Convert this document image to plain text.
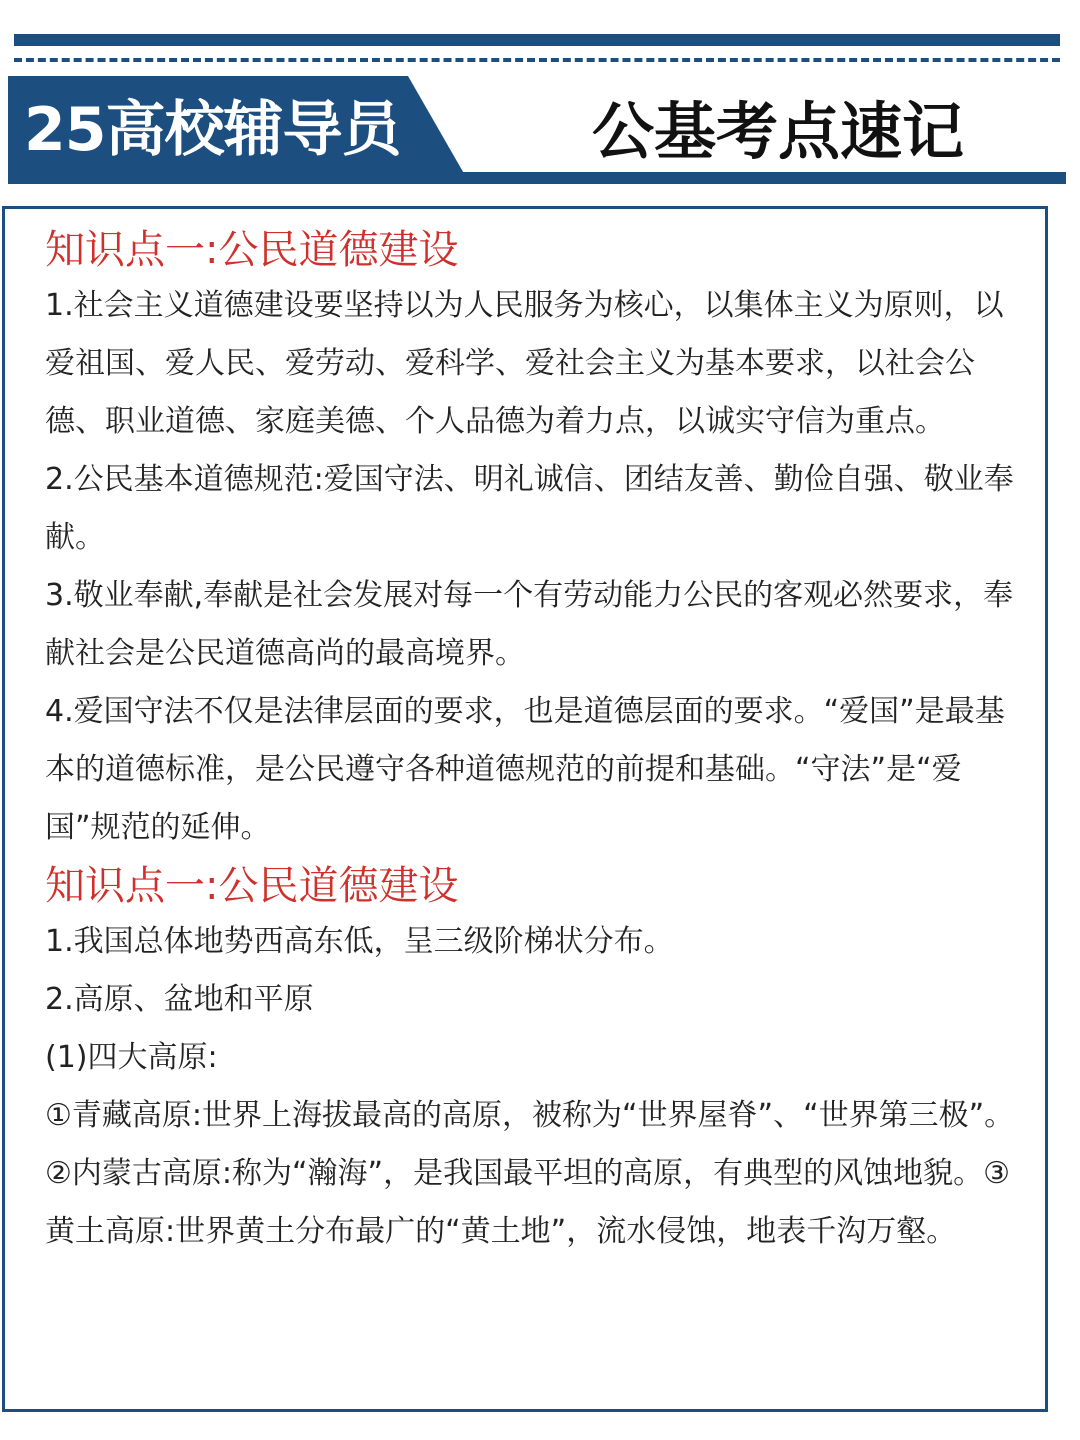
25高校辅导员	公基考点速记
知识点一:公民道德建设

1.社会主义道德建设要坚持以为人民服务为核心，以集体主义为原则，以爱祖国、爱人民、爱劳动、爱科学、爱社会主义为基本要求，以社会公德、职业道德、家庭美德、个人品德为着力点，以诚实守信为重点。

2.公民基本道德规范:爱国守法、明礼诚信、团结友善、勤俭自强、敬业奉献。

3.敬业奉献,奉献是社会发展对每一个有劳动能力公民的客观必然要求，奉献社会是公民道德高尚的最高境界。

4.爱国守法不仅是法律层面的要求，也是道德层面的要求。“爱国”是最基本的道德标准，是公民遵守各种道德规范的前提和基础。“守法”是“爱国”规范的延伸。

知识点一:公民道德建设

1.我国总体地势西高东低，呈三级阶梯状分布。

2.高原、盆地和平原

(1)四大高原:

①青藏高原:世界上海拔最高的高原，被称为“世界屋脊”、“世界第三极”。②内蒙古高原:称为“瀚海”，是我国最平坦的高原，有典型的风蚀地貌。③黄土高原:世界黄土分布最广的“黄土地”，流水侵蚀，地表千沟万壑。
